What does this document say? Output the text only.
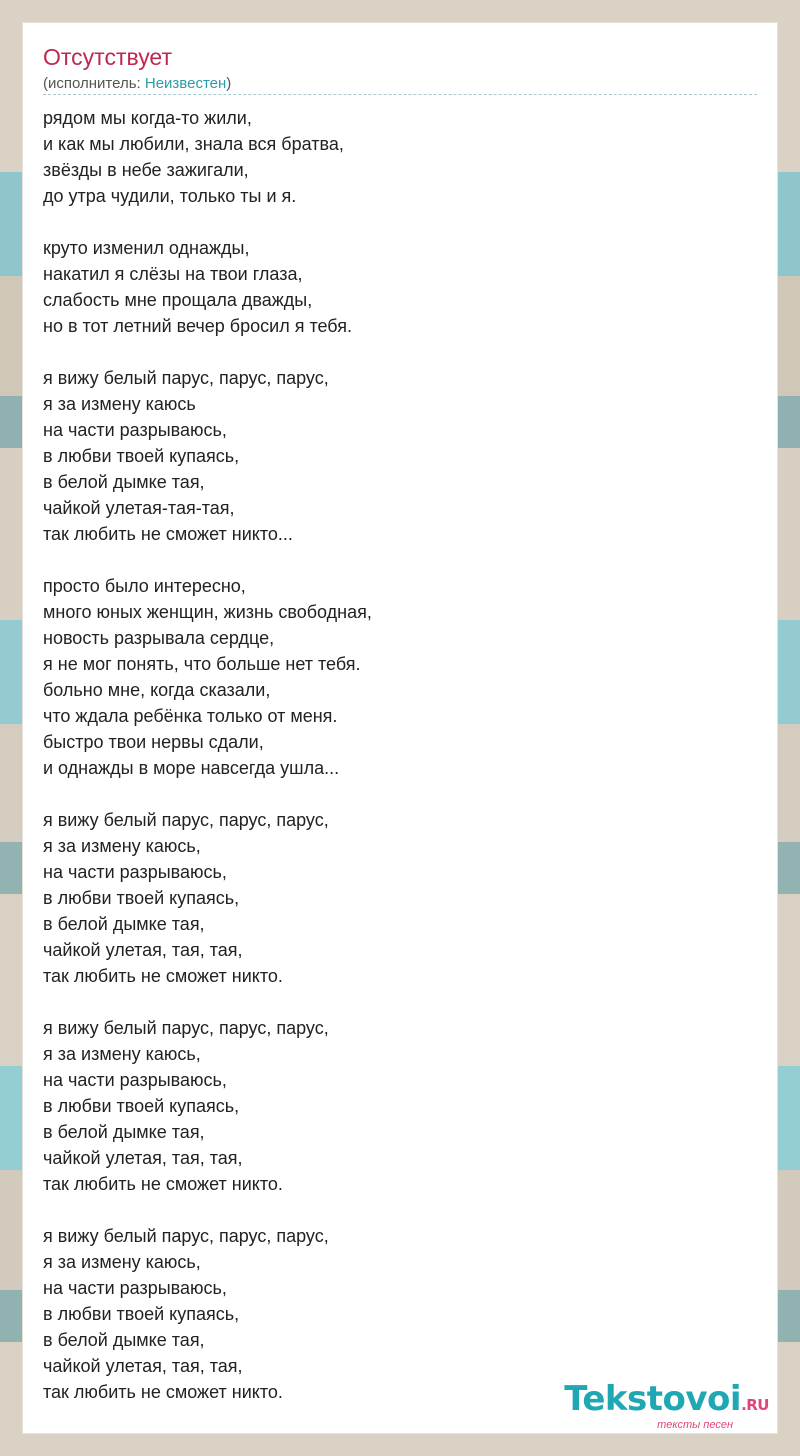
Отсутствует
(исполнитель: Неизвестен)
рядом мы когда-то жили,
и как мы любили, знала вся братва,
звёзды в небе зажигали,
до утра чудили, только ты и я.
круто изменил однажды,
накатил я слёзы на твои глаза,
слабость мне прощала дважды,
но в тот летний вечер бросил я тебя.
я вижу белый парус, парус, парус,
я за измену каюсь
на части разрываюсь,
в любви твоей купаясь,
в белой дымке тая,
чайкой улетая-тая-тая,
так любить не сможет никто...
просто было интересно,
много юных женщин, жизнь свободная,
новость разрывала сердце,
я не мог понять, что больше нет тебя.
больно мне, когда сказали,
что ждала ребёнка только от меня.
быстро твои нервы сдали,
и однажды в море навсегда ушла...
я вижу белый парус, парус, парус,
я за измену каюсь,
на части разрываюсь,
в любви твоей купаясь,
в белой дымке тая,
чайкой улетая, тая, тая,
так любить не сможет никто.
я вижу белый парус, парус, парус,
я за измену каюсь,
на части разрываюсь,
в любви твоей купаясь,
в белой дымке тая,
чайкой улетая, тая, тая,
так любить не сможет никто.
я вижу белый парус, парус, парус,
я за измену каюсь,
на части разрываюсь,
в любви твоей купаясь,
в белой дымке тая,
чайкой улетая, тая, тая,
так любить не сможет никто.	Tekstovoi.RU
тексты песен
